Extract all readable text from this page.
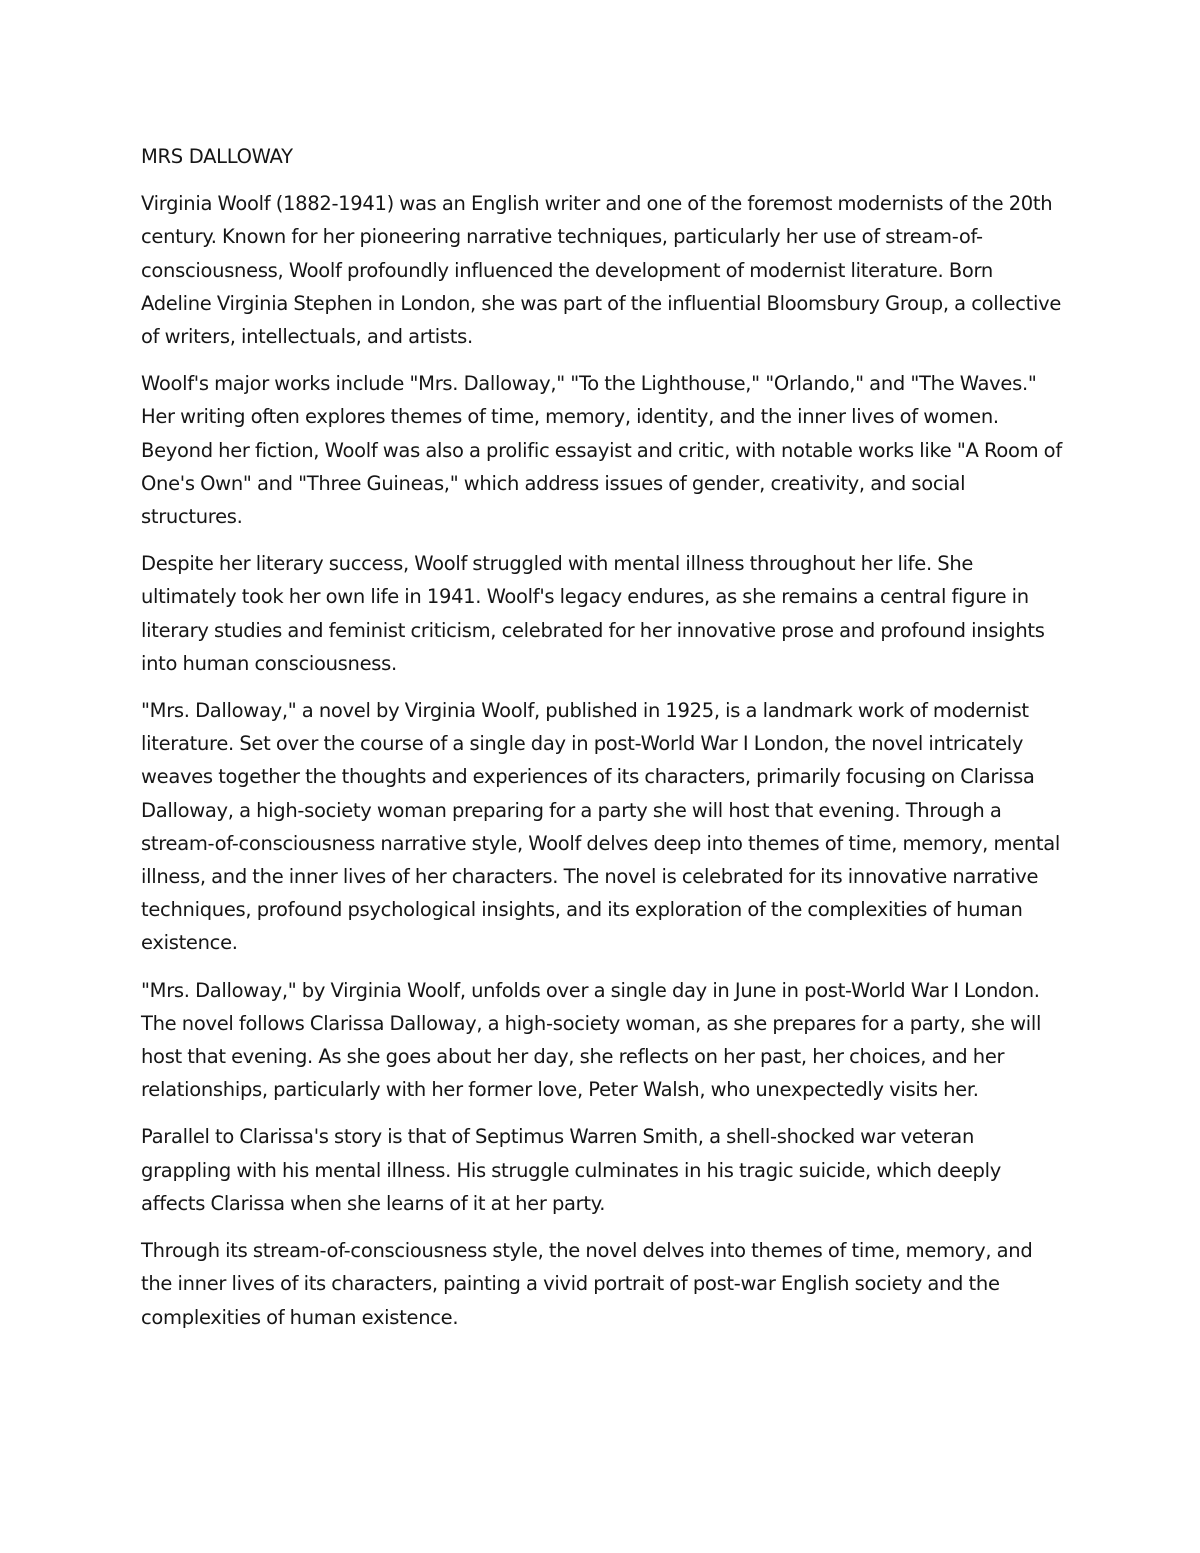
MRS DALLOWAY

Virginia Woolf (1882-1941) was an English writer and one of the foremost modernists of the 20th century. Known for her pioneering narrative techniques, particularly her use of stream-of-consciousness, Woolf profoundly influenced the development of modernist literature. Born Adeline Virginia Stephen in London, she was part of the influential Bloomsbury Group, a collective of writers, intellectuals, and artists.

Woolf's major works include "Mrs. Dalloway," "To the Lighthouse," "Orlando," and "The Waves." Her writing often explores themes of time, memory, identity, and the inner lives of women. Beyond her fiction, Woolf was also a prolific essayist and critic, with notable works like "A Room of One's Own" and "Three Guineas," which address issues of gender, creativity, and social structures.

Despite her literary success, Woolf struggled with mental illness throughout her life. She ultimately took her own life in 1941. Woolf's legacy endures, as she remains a central figure in literary studies and feminist criticism, celebrated for her innovative prose and profound insights into human consciousness.

"Mrs. Dalloway," a novel by Virginia Woolf, published in 1925, is a landmark work of modernist literature. Set over the course of a single day in post-World War I London, the novel intricately weaves together the thoughts and experiences of its characters, primarily focusing on Clarissa Dalloway, a high-society woman preparing for a party she will host that evening. Through a stream-of-consciousness narrative style, Woolf delves deep into themes of time, memory, mental illness, and the inner lives of her characters. The novel is celebrated for its innovative narrative techniques, profound psychological insights, and its exploration of the complexities of human existence.

"Mrs. Dalloway," by Virginia Woolf, unfolds over a single day in June in post-World War I London. The novel follows Clarissa Dalloway, a high-society woman, as she prepares for a party, she will host that evening. As she goes about her day, she reflects on her past, her choices, and her relationships, particularly with her former love, Peter Walsh, who unexpectedly visits her.

Parallel to Clarissa's story is that of Septimus Warren Smith, a shell-shocked war veteran grappling with his mental illness. His struggle culminates in his tragic suicide, which deeply affects Clarissa when she learns of it at her party.

Through its stream-of-consciousness style, the novel delves into themes of time, memory, and the inner lives of its characters, painting a vivid portrait of post-war English society and the complexities of human existence.
